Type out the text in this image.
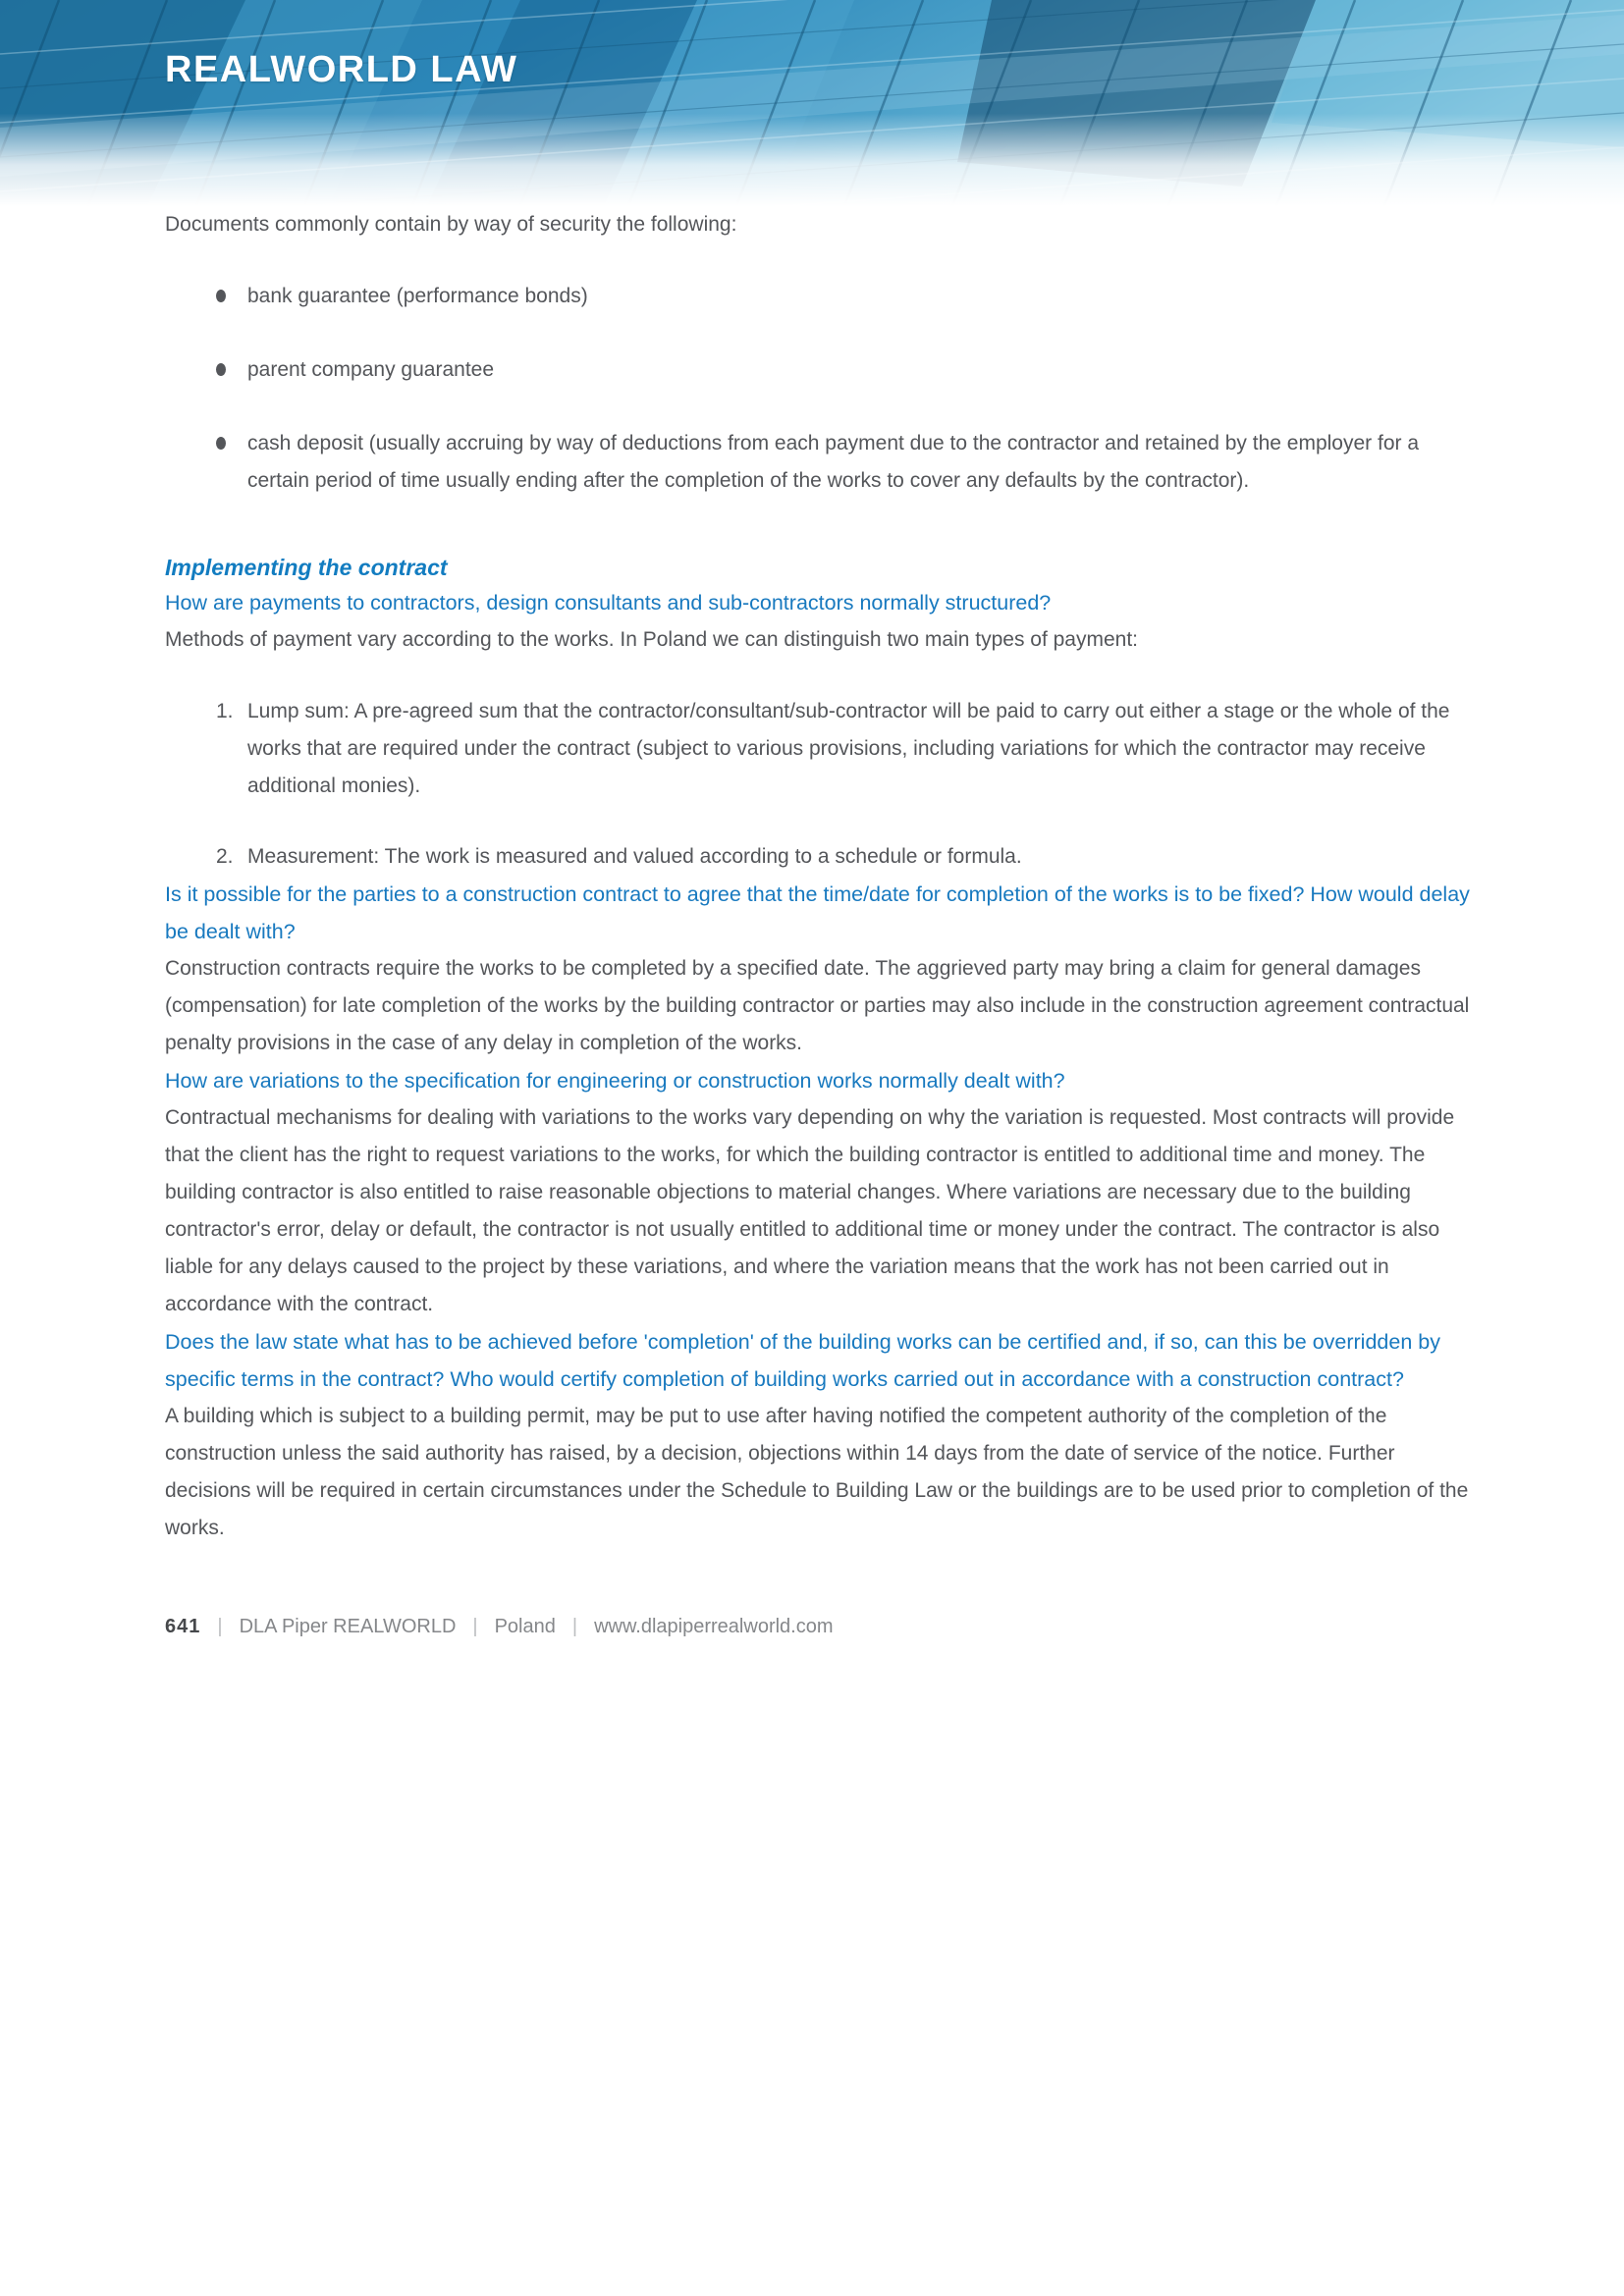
REALWORLD LAW

Documents commonly contain by way of security the following:

bank guarantee (performance bonds)
parent company guarantee
cash deposit (usually accruing by way of deductions from each payment due to the contractor and retained by the employer for a certain period of time usually ending after the completion of the works to cover any defaults by the contractor).
Implementing the contract

How are payments to contractors, design consultants and sub-contractors normally structured?

Methods of payment vary according to the works. In Poland we can distinguish two main types of payment:

1. Lump sum: A pre-agreed sum that the contractor/consultant/sub-contractor will be paid to carry out either a stage or the whole of the works that are required under the contract (subject to various provisions, including variations for which the contractor may receive additional monies).
2. Measurement: The work is measured and valued according to a schedule or formula.

Is it possible for the parties to a construction contract to agree that the time/date for completion of the works is to be fixed? How would delay be dealt with?

Construction contracts require the works to be completed by a specified date. The aggrieved party may bring a claim for general damages (compensation) for late completion of the works by the building contractor or parties may also include in the construction agreement contractual penalty provisions in the case of any delay in completion of the works.

How are variations to the specification for engineering or construction works normally dealt with?

Contractual mechanisms for dealing with variations to the works vary depending on why the variation is requested. Most contracts will provide that the client has the right to request variations to the works, for which the building contractor is entitled to additional time and money. The building contractor is also entitled to raise reasonable objections to material changes. Where variations are necessary due to the building contractor's error, delay or default, the contractor is not usually entitled to additional time or money under the contract. The contractor is also liable for any delays caused to the project by these variations, and where the variation means that the work has not been carried out in accordance with the contract.

Does the law state what has to be achieved before 'completion' of the building works can be certified and, if so, can this be overridden by specific terms in the contract? Who would certify completion of building works carried out in accordance with a construction contract?

A building which is subject to a building permit, may be put to use after having notified the competent authority of the completion of the construction unless the said authority has raised, by a decision, objections within 14 days from the date of service of the notice. Further decisions will be required in certain circumstances under the Schedule to Building Law or the buildings are to be used prior to completion of the works.

641 | DLA Piper REALWORLD | Poland | www.dlapiperrealworld.com
